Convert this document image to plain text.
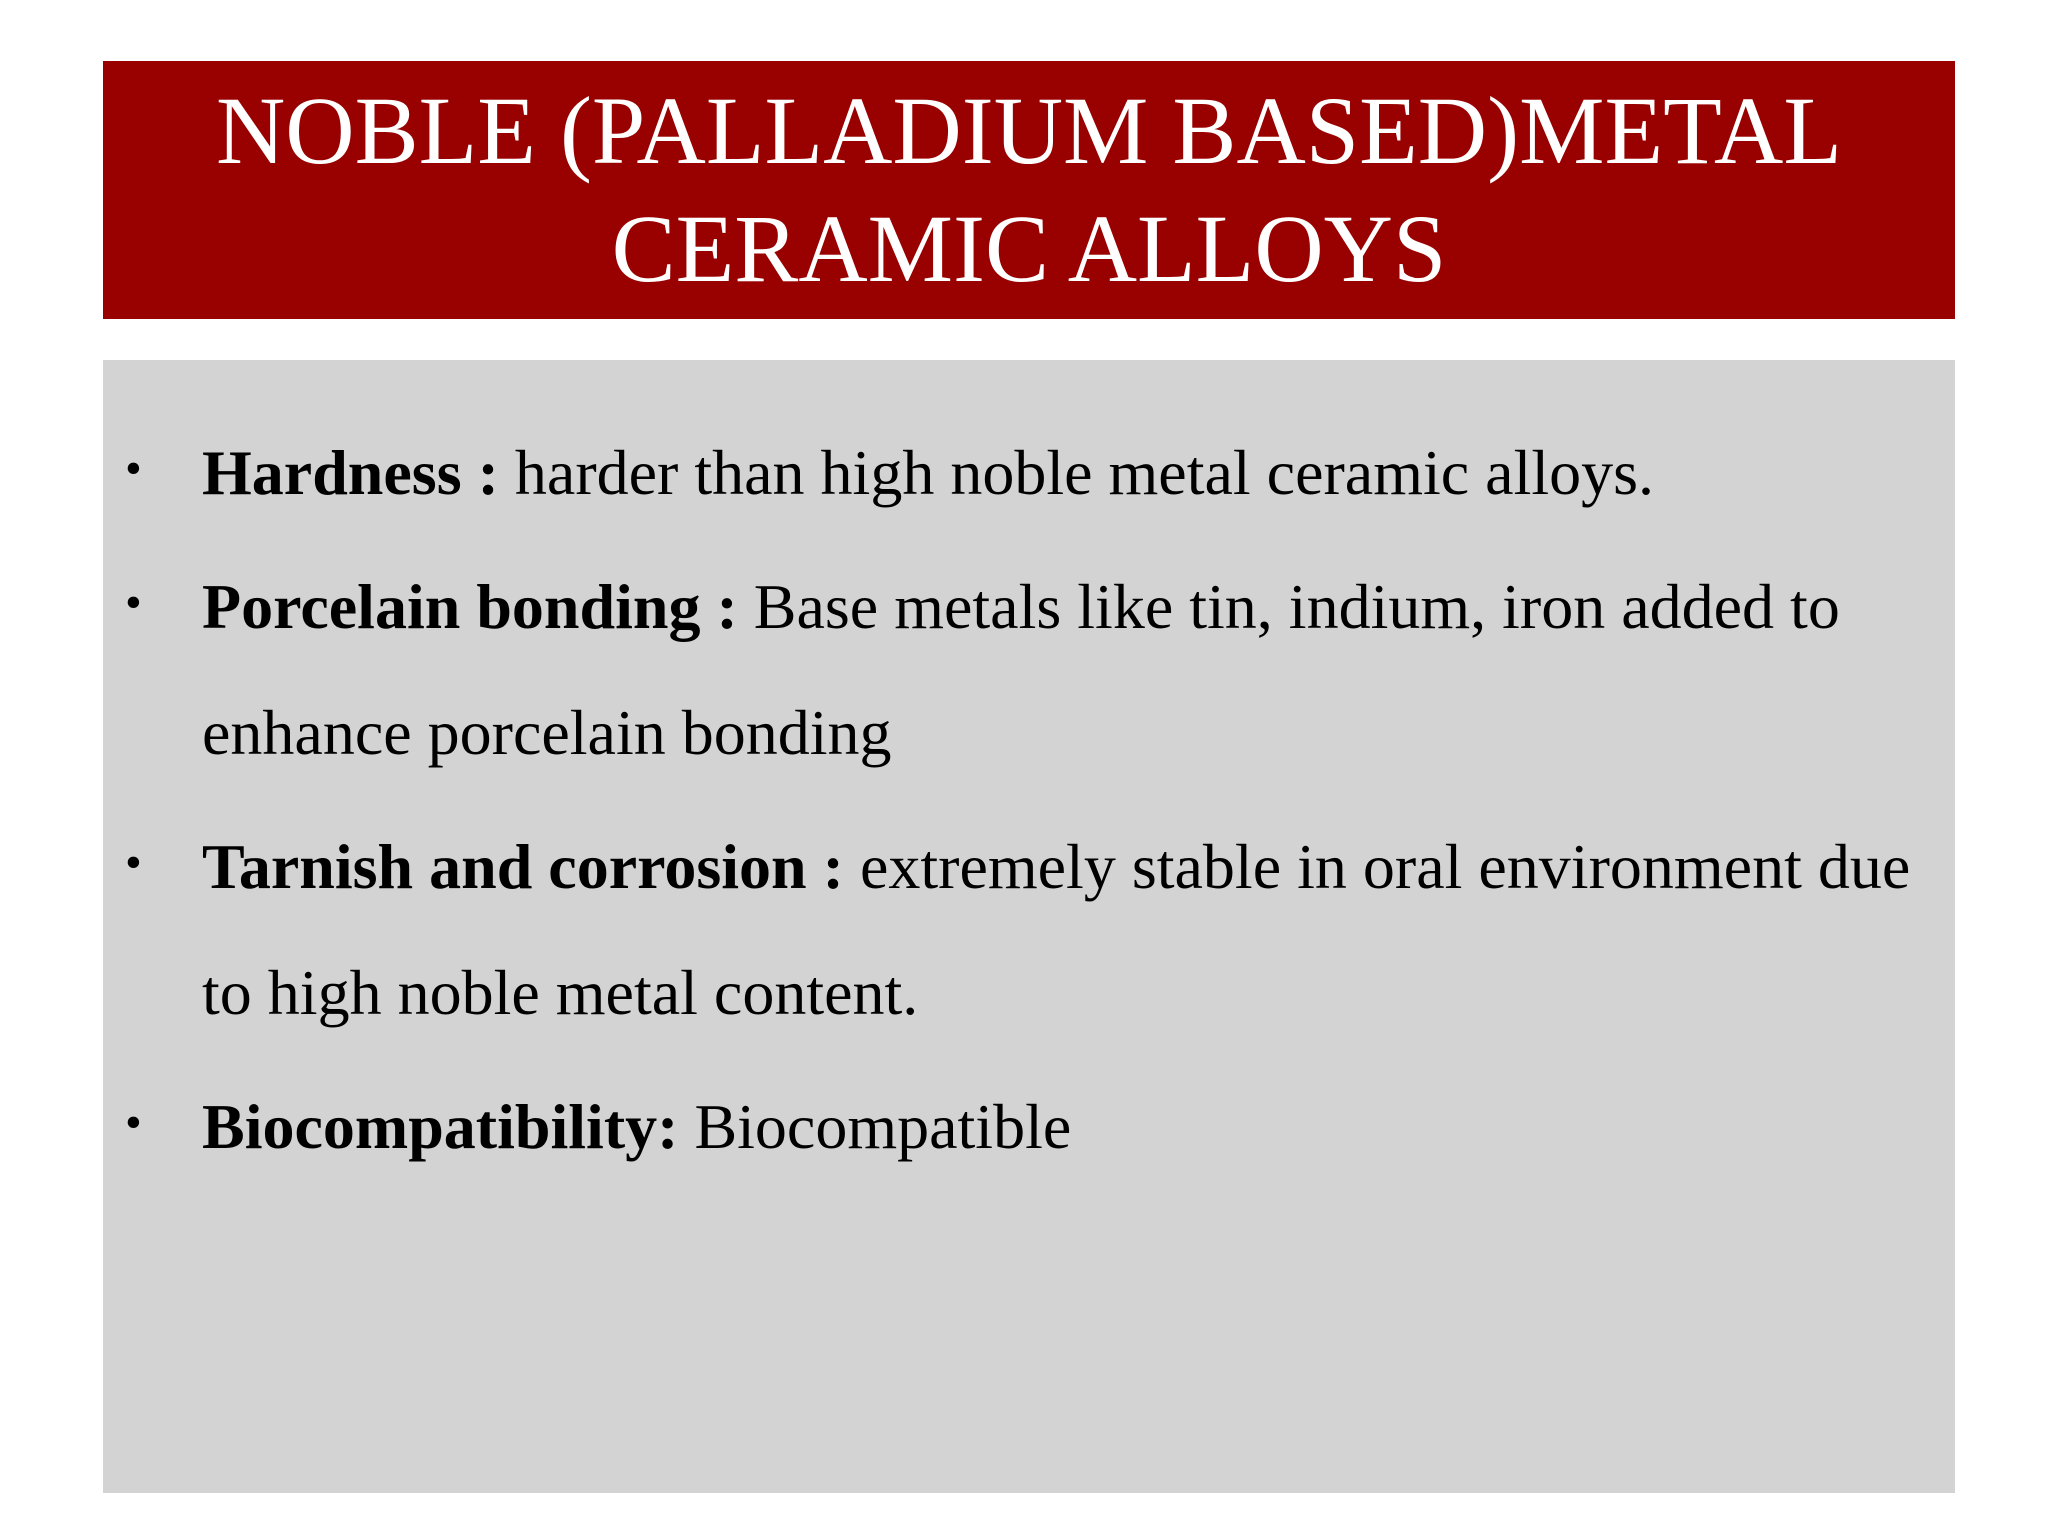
NOBLE (PALLADIUM BASED)METAL
CERAMIC ALLOYS
• Hardness : harder than high noble metal ceramic alloys.
• Porcelain bonding : Base metals like tin, indium, iron added to enhance porcelain bonding
• Tarnish and corrosion : extremely stable in oral environment due to high noble metal content.
• Biocompatibility: Biocompatible
